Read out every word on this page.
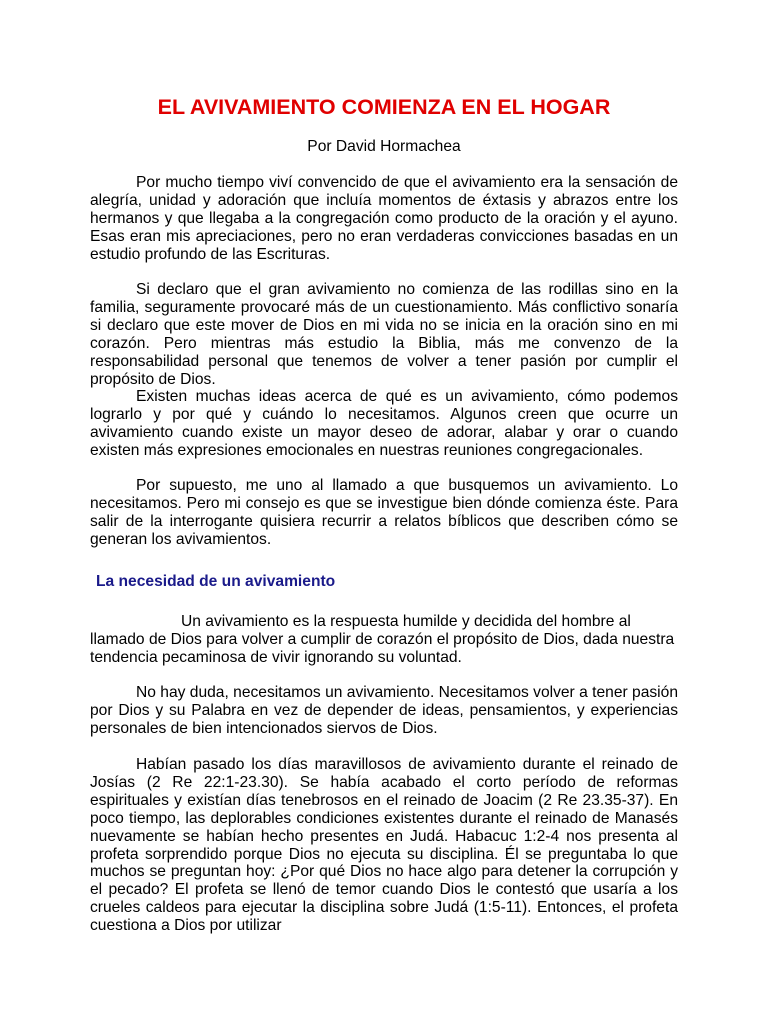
EL AVIVAMIENTO COMIENZA EN EL HOGAR
Por David Hormachea

Por mucho tiempo viví convencido de que el avivamiento era la sensación de alegría, unidad y adoración que incluía momentos de éxtasis y abrazos entre los hermanos y que llegaba a la congregación como producto de la oración y el ayuno. Esas eran mis apreciaciones, pero no eran verdaderas convicciones basadas en un estudio profundo de las Escrituras.

Si declaro que el gran avivamiento no comienza de las rodillas sino en la familia, seguramente provocaré más de un cuestionamiento. Más conflictivo sonaría si declaro que este mover de Dios en mi vida no se inicia en la oración sino en mi corazón. Pero mientras más estudio la Biblia, más me convenzo de la responsabilidad personal que tenemos de volver a tener pasión por cumplir el propósito de Dios.

Existen muchas ideas acerca de qué es un avivamiento, cómo podemos lograrlo y por qué y cuándo lo necesitamos. Algunos creen que ocurre un avivamiento cuando existe un mayor deseo de adorar, alabar y orar o cuando existen más expresiones emocionales en nuestras reuniones congregacionales.

Por supuesto, me uno al llamado a que busquemos un avivamiento. Lo necesitamos. Pero mi consejo es que se investigue bien dónde comienza éste. Para salir de la interrogante quisiera recurrir a relatos bíblicos que describen cómo se generan los avivamientos.

La necesidad de un avivamiento

Un avivamiento es la respuesta humilde y decidida del hombre al llamado de Dios para volver a cumplir de corazón el propósito de Dios, dada nuestra tendencia pecaminosa de vivir ignorando su voluntad.

No hay duda, necesitamos un avivamiento. Necesitamos volver a tener pasión por Dios y su Palabra en vez de depender de ideas, pensamientos, y experiencias personales de bien intencionados siervos de Dios.

Habían pasado los días maravillosos de avivamiento durante el reinado de Josías (2 Re 22:1-23.30). Se había acabado el corto período de reformas espirituales y existían días tenebrosos en el reinado de Joacim (2 Re 23.35-37). En poco tiempo, las deplorables condiciones existentes durante el reinado de Manasés nuevamente se habían hecho presentes en Judá. Habacuc 1:2-4 nos presenta al profeta sorprendido porque Dios no ejecuta su disciplina. Él se preguntaba lo que muchos se preguntan hoy: ¿Por qué Dios no hace algo para detener la corrupción y el pecado? El profeta se llenó de temor cuando Dios le contestó que usaría a los crueles caldeos para ejecutar la disciplina sobre Judá (1:5-11). Entonces, el profeta cuestiona a Dios por utilizar
